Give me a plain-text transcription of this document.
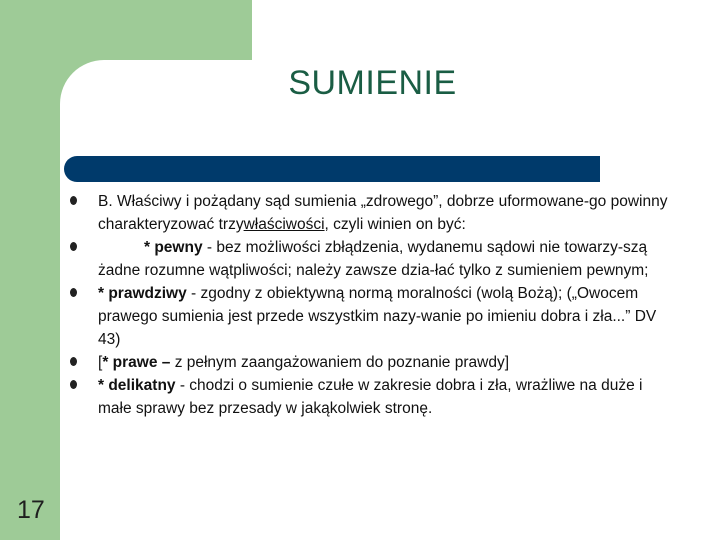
SUMIENIE
B. Właściwy i pożądany sąd sumienia „zdrowego”, dobrze uformowane-go powinny charakteryzować trzywłaściwości, czyli winien on być:
* pewny - bez możliwości zbłądzenia, wydanemu sądowi nie towarzy-szą żadne rozumne wątpliwości; należy zawsze dzia-łać tylko z sumieniem pewnym;
* prawdziwy - zgodny z obiektywną normą moralności (wolą Bożą); („Owocem prawego sumienia jest przede wszystkim nazy-wanie po imieniu dobra i zła...” DV 43)
[* prawe – z pełnym zaangażowaniem do poznanie prawdy]
* delikatny - chodzi o sumienie czułe w zakresie dobra i zła, wrażliwe na duże i małe sprawy bez przesady w jakąkolwiek stronę.
17
